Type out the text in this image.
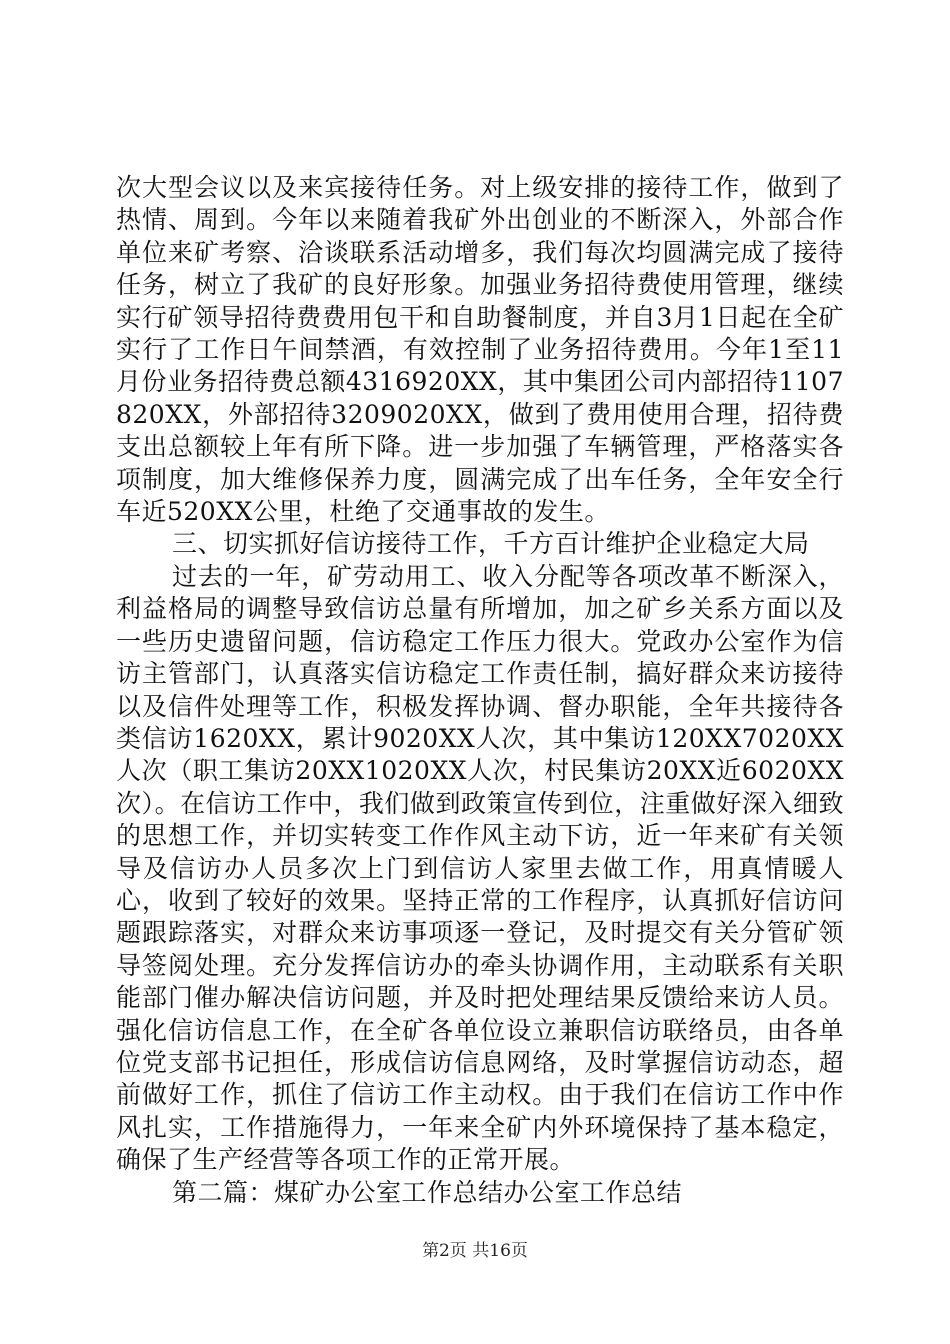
次大型会议以及来宾接待任务。对上级安排的接待工作，做到了热情、周到。今年以来随着我矿外出创业的不断深入，外部合作单位来矿考察、洽谈联系活动增多，我们每次均圆满完成了接待任务，树立了我矿的良好形象。加强业务招待费使用管理，继续实行矿领导招待费费用包干和自助餐制度，并自3月1日起在全矿实行了工作日午间禁酒，有效控制了业务招待费用。今年1至11月份业务招待费总额4316920XX，其中集团公司内部招待1107820XX，外部招待3209020XX，做到了费用使用合理，招待费支出总额较上年有所下降。进一步加强了车辆管理，严格落实各项制度，加大维修保养力度，圆满完成了出车任务，全年安全行车近520XX公里，杜绝了交通事故的发生。

三、切实抓好信访接待工作，千方百计维护企业稳定大局

过去的一年，矿劳动用工、收入分配等各项改革不断深入，利益格局的调整导致信访总量有所增加，加之矿乡关系方面以及一些历史遗留问题，信访稳定工作压力很大。党政办公室作为信访主管部门，认真落实信访稳定工作责任制，搞好群众来访接待以及信件处理等工作，积极发挥协调、督办职能，全年共接待各类信访1620XX，累计9020XX人次，其中集访120XX7020XX人次（职工集访20XX1020XX人次，村民集访20XX近6020XX次）。在信访工作中，我们做到政策宣传到位，注重做好深入细致的思想工作，并切实转变工作作风主动下访，近一年来矿有关领导及信访办人员多次上门到信访人家里去做工作，用真情暖人心，收到了较好的效果。坚持正常的工作程序，认真抓好信访问题跟踪落实，对群众来访事项逐一登记，及时提交有关分管矿领导签阅处理。充分发挥信访办的牵头协调作用，主动联系有关职能部门催办解决信访问题，并及时把处理结果反馈给来访人员。强化信访信息工作，在全矿各单位设立兼职信访联络员，由各单位党支部书记担任，形成信访信息网络，及时掌握信访动态，超前做好工作，抓住了信访工作主动权。由于我们在信访工作中作风扎实，工作措施得力，一年来全矿内外环境保持了基本稳定，确保了生产经营等各项工作的正常开展。

第二篇：煤矿办公室工作总结办公室工作总结

第2页 共16页
